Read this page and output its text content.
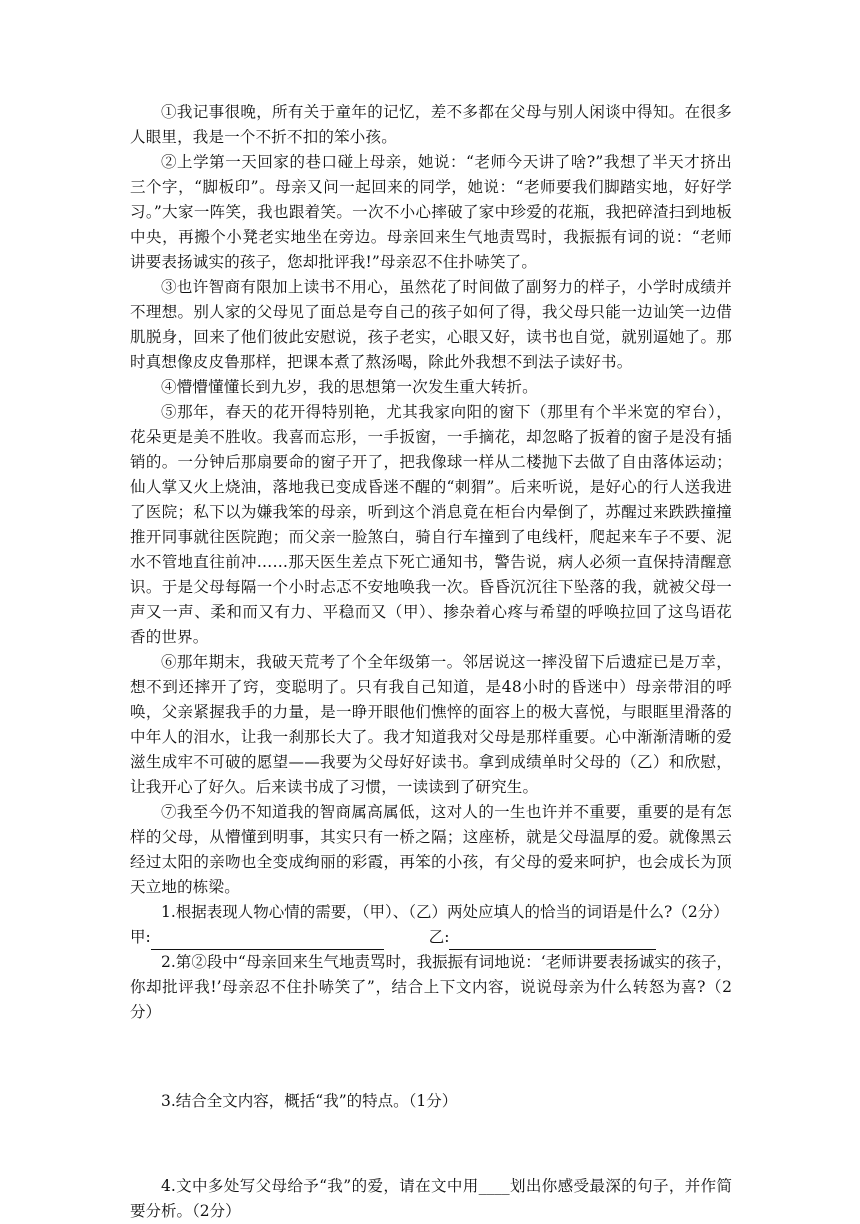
①我记事很晚，所有关于童年的记忆，差不多都在父母与别人闲谈中得知。在很多人眼里，我是一个不折不扣的笨小孩。

②上学第一天回家的巷口碰上母亲，她说：“老师今天讲了啥?”我想了半天才挤出三个字，“脚板印”。母亲又问一起回来的同学，她说：“老师要我们脚踏实地，好好学习。”大家一阵笑，我也跟着笑。一次不小心摔破了家中珍爱的花瓶，我把碎渣扫到地板中央，再搬个小凳老实地坐在旁边。母亲回来生气地责骂时，我振振有词的说：“老师讲要表扬诚实的孩子，您却批评我!”母亲忍不住扑哧笑了。

③也许智商有限加上读书不用心，虽然花了时间做了副努力的样子，小学时成绩并不理想。别人家的父母见了面总是夸自己的孩子如何了得，我父母只能一边讪笑一边借肌脱身，回来了他们彼此安慰说，孩子老实，心眼又好，读书也自觉，就别逼她了。那时真想像皮皮鲁那样，把课本煮了熬汤喝，除此外我想不到法子读好书。

④懵懵懂懂长到九岁，我的思想第一次发生重大转折。

⑤那年，春天的花开得特别艳，尤其我家向阳的窗下（那里有个半米宽的窄台），花朵更是美不胜收。我喜而忘形，一手扳窗，一手摘花，却忽略了扳着的窗子是没有插销的。一分钟后那扇要命的窗子开了，把我像球一样从二楼抛下去做了自由落体运动；仙人掌又火上烧油，落地我已变成昏迷不醒的“刺猬”。后来听说，是好心的行人送我进了医院；私下以为嫌我笨的母亲，听到这个消息竟在柜台内晕倒了，苏醒过来跌跌撞撞推开同事就往医院跑；而父亲一脸煞白，骑自行车撞到了电线杆，爬起来车子不要、泥水不管地直往前冲……那天医生差点下死亡通知书，警告说，病人必须一直保持清醒意识。于是父母每隔一个小时忐忑不安地唤我一次。昏昏沉沉往下坠落的我，就被父母一声又一声、柔和而又有力、平稳而又（甲）、掺杂着心疼与希望的呼唤拉回了这鸟语花香的世界。

⑥那年期末，我破天荒考了个全年级第一。邻居说这一摔没留下后遗症已是万幸，想不到还摔开了窍，变聪明了。只有我自己知道，是48小时的昏迷中）母亲带泪的呼唤，父亲紧握我手的力量，是一睁开眼他们憔悴的面容上的极大喜悦，与眼眶里滑落的中年人的泪水，让我一刹那长大了。我才知道我对父母是那样重要。心中渐渐清晰的爱滋生成牢不可破的愿望——我要为父母好好读书。拿到成绩单时父母的（乙）和欣慰，让我开心了好久。后来读书成了习惯，一读读到了研究生。

⑦我至今仍不知道我的智商属高属低，这对人的一生也许并不重要，重要的是有怎样的父母，从懵懂到明事，其实只有一桥之隔；这座桥，就是父母温厚的爱。就像黑云经过太阳的亲吻也全变成绚丽的彩霞，再笨的小孩，有父母的爱来呵护，也会成长为顶天立地的栋梁。

1.根据表现人物心情的需要，（甲）、（乙）两处应填人的恰当的词语是什么?（2分）

甲:	乙:

2.第②段中“母亲回来生气地责骂时，我振振有词地说：‘老师讲要表扬诚实的孩子，你却批评我!’母亲忍不住扑哧笑了”，结合上下文内容，说说母亲为什么转怒为喜?（2分）

3.结合全文内容，概括“我”的特点。（1分）

4.文中多处写父母给予“我”的爱，请在文中用____划出你感受最深的句子，并作简要分析。（2分）
